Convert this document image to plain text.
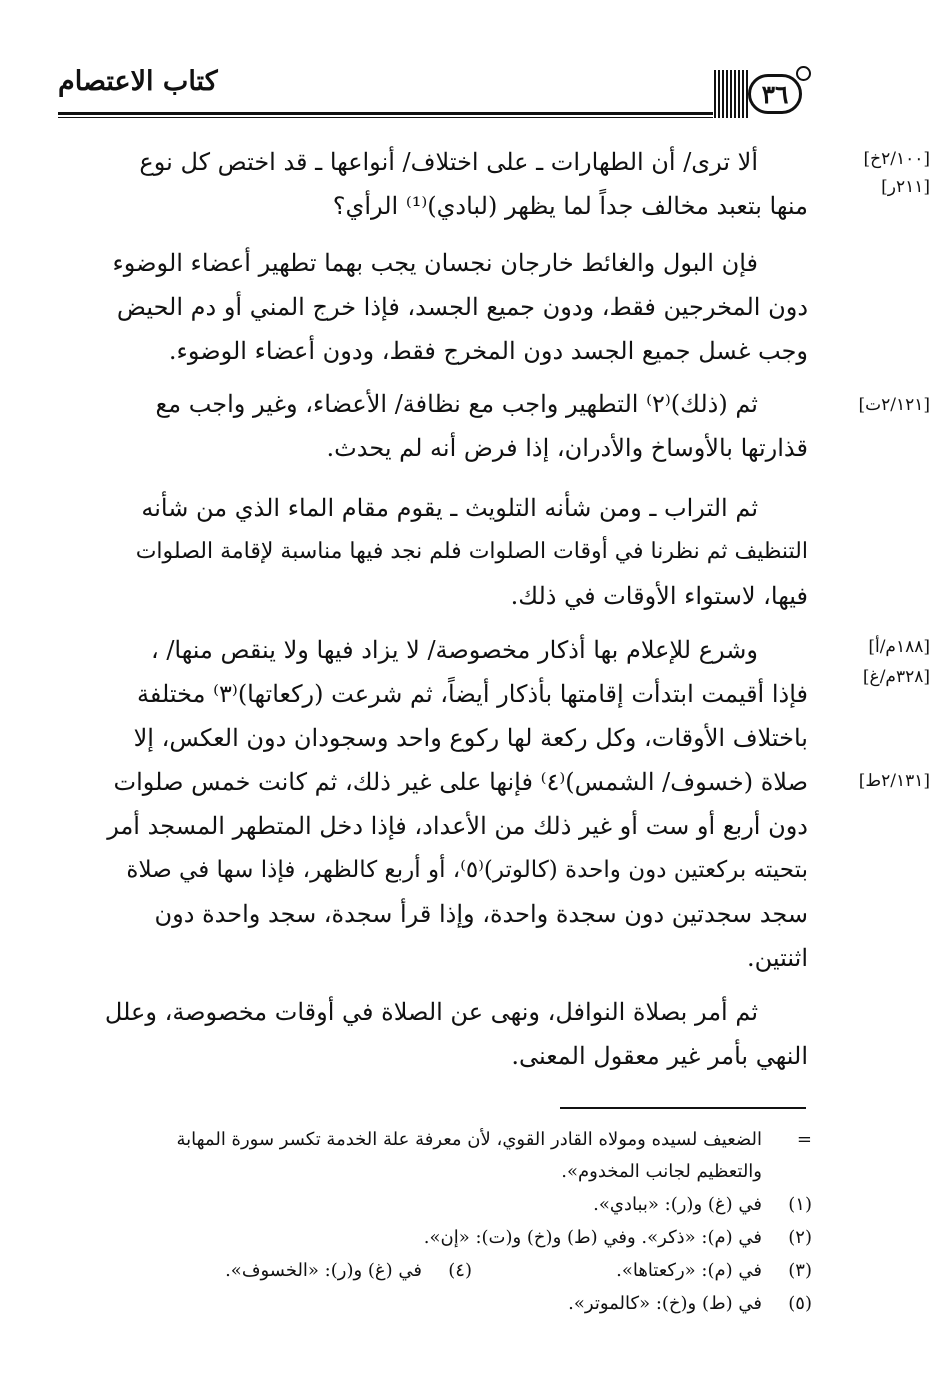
كتاب الاعتصام	٣٦
[٢/١٠٠خ]
[٢١١ر]
[٢/١٢١ت]
[١٨٨م/أ]
[٣٢٨م/غ]
[٢/١٣١ط]
ألا ترى/ أن الطهارات ـ على اختلاف/ أنواعها ـ قد اختص كل نوع
منها بتعبد مخالف جداً لما يظهر (لبادي)⁽¹⁾ الرأي؟
فإن البول والغائط خارجان نجسان يجب بهما تطهير أعضاء الوضوء
دون المخرجين فقط، ودون جميع الجسد، فإذا خرج المني أو دم الحيض
وجب غسل جميع الجسد دون المخرج فقط، ودون أعضاء الوضوء.
ثم (ذلك)⁽٢⁾ التطهير واجب مع نظافة/ الأعضاء، وغير واجب مع
قذارتها بالأوساخ والأدران، إذا فرض أنه لم يحدث.
ثم التراب ـ ومن شأنه التلويث ـ يقوم مقام الماء الذي من شأنه
التنظيف ثم نظرنا في أوقات الصلوات فلم نجد فيها مناسبة لإقامة الصلوات
فيها، لاستواء الأوقات في ذلك.
وشرع للإعلام بها أذكار مخصوصة/ لا يزاد فيها ولا ينقص منها/ ،
فإذا أقيمت ابتدأت إقامتها بأذكار أيضاً، ثم شرعت (ركعاتها)⁽٣⁾ مختلفة
باختلاف الأوقات، وكل ركعة لها ركوع واحد وسجودان دون العكس، إلا
صلاة (خسوف/ الشمس)⁽٤⁾ فإنها على غير ذلك، ثم كانت خمس صلوات
دون أربع أو ست أو غير ذلك من الأعداد، فإذا دخل المتطهر المسجد أمر
بتحيته بركعتين دون واحدة (كالوتر)⁽٥⁾، أو أربع كالظهر، فإذا سها في صلاة
سجد سجدتين دون سجدة واحدة، وإذا قرأ سجدة، سجد واحدة دون
اثنتين.
ثم أمر بصلاة النوافل، ونهى عن الصلاة في أوقات مخصوصة، وعلل
النهي بأمر غير معقول المعنى.
=الضعيف لسيده ومولاه القادر القوي، لأن معرفة علة الخدمة تكسر سورة المهابة
والتعظيم لجانب المخدوم».
(١)في (غ) و(ر): «ببادي».
(٢)في (م): «ذكر». وفي (ط) و(خ) و(ت): «إن».
(٣)في (م): «ركعتاها».(٤)في (غ) و(ر): «الخسوف».
(٥)في (ط) و(خ): «كالموتر».
